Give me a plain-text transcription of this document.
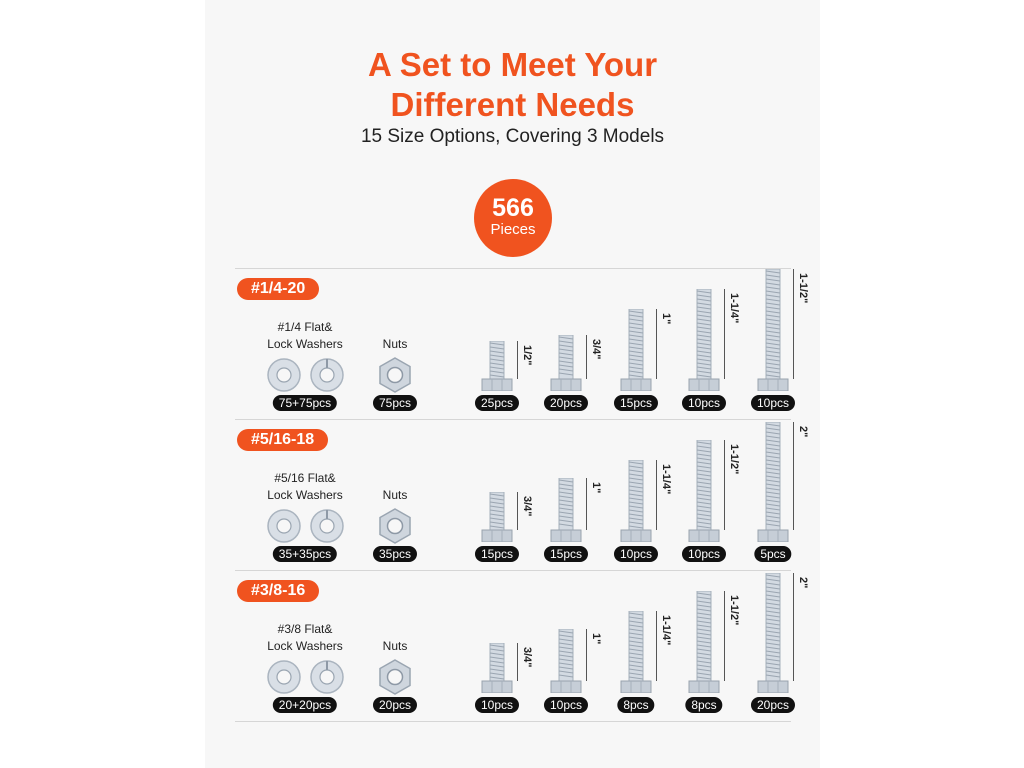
A Set to Meet Your
Different Needs
15 Size Options, Covering 3 Models
566
Pieces
#1/4-20
#1/4 Flat&
Lock Washers
75+75pcs
Nuts
75pcs
1/2"
25pcs
3/4"
20pcs
1"
15pcs
1-1/4"
10pcs
1-1/2"
10pcs
#5/16-18
#5/16 Flat&
Lock Washers
35+35pcs
Nuts
35pcs
3/4"
15pcs
1"
15pcs
1-1/4"
10pcs
1-1/2"
10pcs
2"
5pcs
#3/8-16
#3/8 Flat&
Lock Washers
20+20pcs
Nuts
20pcs
3/4"
10pcs
1"
10pcs
1-1/4"
8pcs
1-1/2"
8pcs
2"
20pcs
